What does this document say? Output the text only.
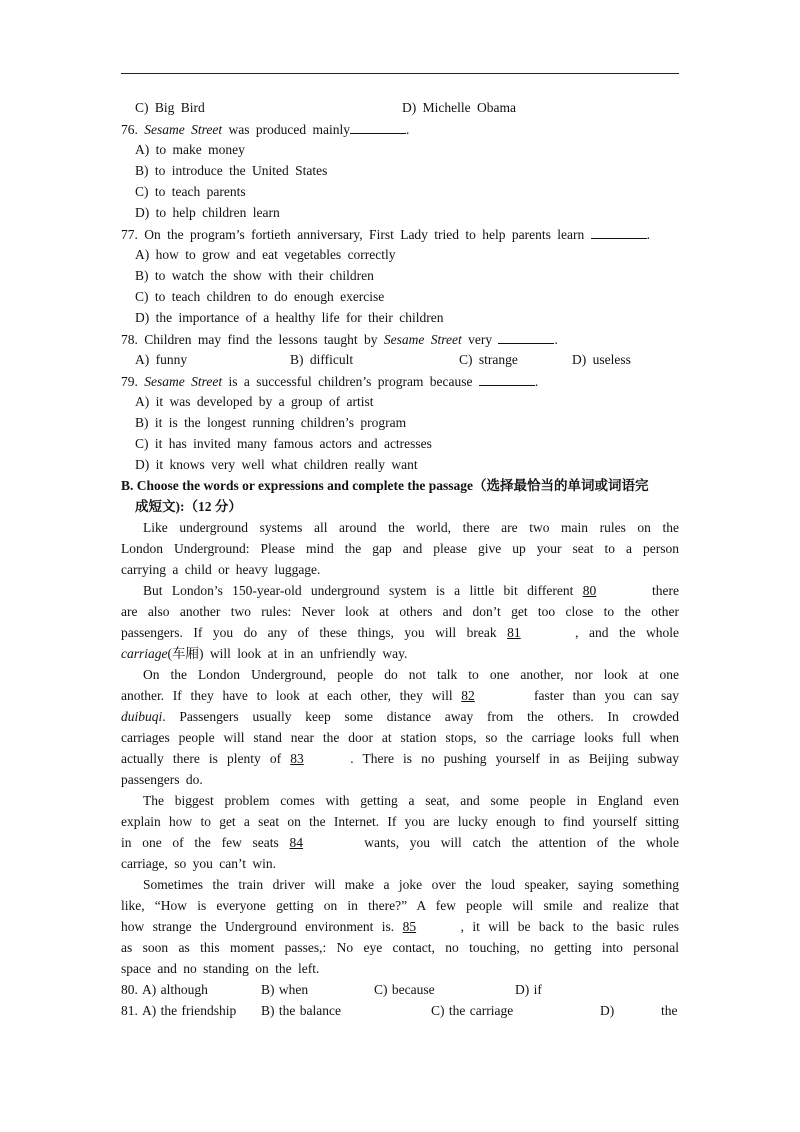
C) Big Bird	D) Michelle Obama
76. Sesame Street was produced mainly	.
A) to make money
B) to introduce the United States
C) to teach parents
D) to help children learn
77. On the program’s fortieth anniversary, First Lady tried to help parents learn	.
A) how to grow and eat vegetables correctly
B) to watch the show with their children
C) to teach children to do enough exercise
D) the importance of a healthy life for their children
78. Children may find the lessons taught by Sesame Street very	.
A) funny	B) difficult	C) strange	D) useless
79. Sesame Street is a successful children’s program because	.
A) it was developed by a group of artist
B) it is the longest running children’s program
C) it has invited many famous actors and actresses
D) it knows very well what children really want
B. Choose the words or expressions and complete the passage（选择最恰当的单词或词语完
成短文):（12 分）
Like underground systems all around the world, there are two main rules on the
London Underground: Please mind the gap and please give up your seat to a person
carrying a child or heavy luggage.
But London’s 150-year-old underground system is a little bit different 80	there
are also another two rules: Never look at others and don’t get too close to the other
passengers. If you do any of these things, you will break 81	, and the whole
carriage(车厢) will look at in an unfriendly way.
On the London Underground, people do not talk to one another, nor look at one
another. If they have to look at each other, they will 82	faster than you can say
duibuqi. Passengers usually keep some distance away from the others. In crowded
carriages people will stand near the door at station stops, so the carriage looks full when
actually there is plenty of 83	. There is no pushing yourself in as Beijing subway
passengers do.
The biggest problem comes with getting a seat, and some people in England even
explain how to get a seat on the Internet. If you are lucky enough to find yourself sitting
in one of the few seats 84	wants, you will catch the attention of the whole
carriage, so you can’t win.
Sometimes the train driver will make a joke over the loud speaker, saying something
like, “How is everyone getting on in there?” A few people will smile and realize that
how strange the Underground environment is. 85	, it will be back to the basic rules
as soon as this moment passes,: No eye contact, no touching, no getting into personal
space and no standing on the left.
80. A) although	B) when	C) because	D) if
81. A) the friendship B) the balance	C) the carriage	D)	the
